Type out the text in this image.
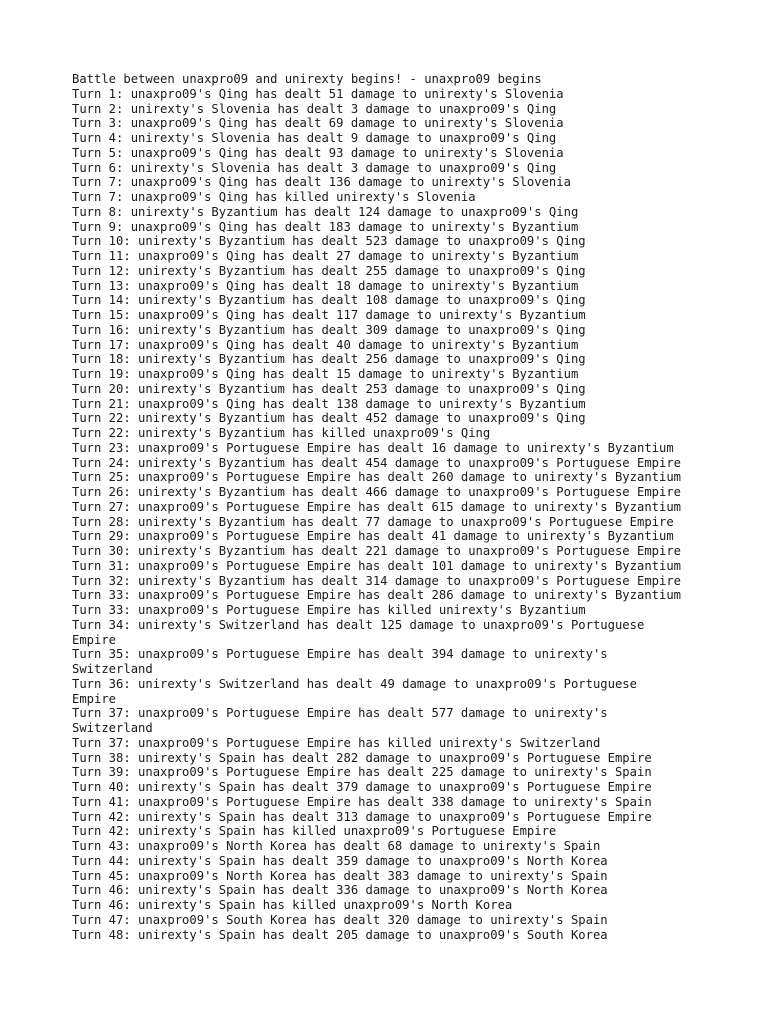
Battle between unaxpro09 and unirexty begins! - unaxpro09 begins
Turn 1: unaxpro09's Qing has dealt 51 damage to unirexty's Slovenia
Turn 2: unirexty's Slovenia has dealt 3 damage to unaxpro09's Qing
Turn 3: unaxpro09's Qing has dealt 69 damage to unirexty's Slovenia
Turn 4: unirexty's Slovenia has dealt 9 damage to unaxpro09's Qing
Turn 5: unaxpro09's Qing has dealt 93 damage to unirexty's Slovenia
Turn 6: unirexty's Slovenia has dealt 3 damage to unaxpro09's Qing
Turn 7: unaxpro09's Qing has dealt 136 damage to unirexty's Slovenia
Turn 7: unaxpro09's Qing has killed unirexty's Slovenia
Turn 8: unirexty's Byzantium has dealt 124 damage to unaxpro09's Qing
Turn 9: unaxpro09's Qing has dealt 183 damage to unirexty's Byzantium
Turn 10: unirexty's Byzantium has dealt 523 damage to unaxpro09's Qing
Turn 11: unaxpro09's Qing has dealt 27 damage to unirexty's Byzantium
Turn 12: unirexty's Byzantium has dealt 255 damage to unaxpro09's Qing
Turn 13: unaxpro09's Qing has dealt 18 damage to unirexty's Byzantium
Turn 14: unirexty's Byzantium has dealt 108 damage to unaxpro09's Qing
Turn 15: unaxpro09's Qing has dealt 117 damage to unirexty's Byzantium
Turn 16: unirexty's Byzantium has dealt 309 damage to unaxpro09's Qing
Turn 17: unaxpro09's Qing has dealt 40 damage to unirexty's Byzantium
Turn 18: unirexty's Byzantium has dealt 256 damage to unaxpro09's Qing
Turn 19: unaxpro09's Qing has dealt 15 damage to unirexty's Byzantium
Turn 20: unirexty's Byzantium has dealt 253 damage to unaxpro09's Qing
Turn 21: unaxpro09's Qing has dealt 138 damage to unirexty's Byzantium
Turn 22: unirexty's Byzantium has dealt 452 damage to unaxpro09's Qing
Turn 22: unirexty's Byzantium has killed unaxpro09's Qing
Turn 23: unaxpro09's Portuguese Empire has dealt 16 damage to unirexty's Byzantium
Turn 24: unirexty's Byzantium has dealt 454 damage to unaxpro09's Portuguese Empire
Turn 25: unaxpro09's Portuguese Empire has dealt 260 damage to unirexty's Byzantium
Turn 26: unirexty's Byzantium has dealt 466 damage to unaxpro09's Portuguese Empire
Turn 27: unaxpro09's Portuguese Empire has dealt 615 damage to unirexty's Byzantium
Turn 28: unirexty's Byzantium has dealt 77 damage to unaxpro09's Portuguese Empire
Turn 29: unaxpro09's Portuguese Empire has dealt 41 damage to unirexty's Byzantium
Turn 30: unirexty's Byzantium has dealt 221 damage to unaxpro09's Portuguese Empire
Turn 31: unaxpro09's Portuguese Empire has dealt 101 damage to unirexty's Byzantium
Turn 32: unirexty's Byzantium has dealt 314 damage to unaxpro09's Portuguese Empire
Turn 33: unaxpro09's Portuguese Empire has dealt 286 damage to unirexty's Byzantium
Turn 33: unaxpro09's Portuguese Empire has killed unirexty's Byzantium
Turn 34: unirexty's Switzerland has dealt 125 damage to unaxpro09's Portuguese
Empire
Turn 35: unaxpro09's Portuguese Empire has dealt 394 damage to unirexty's
Switzerland
Turn 36: unirexty's Switzerland has dealt 49 damage to unaxpro09's Portuguese
Empire
Turn 37: unaxpro09's Portuguese Empire has dealt 577 damage to unirexty's
Switzerland
Turn 37: unaxpro09's Portuguese Empire has killed unirexty's Switzerland
Turn 38: unirexty's Spain has dealt 282 damage to unaxpro09's Portuguese Empire
Turn 39: unaxpro09's Portuguese Empire has dealt 225 damage to unirexty's Spain
Turn 40: unirexty's Spain has dealt 379 damage to unaxpro09's Portuguese Empire
Turn 41: unaxpro09's Portuguese Empire has dealt 338 damage to unirexty's Spain
Turn 42: unirexty's Spain has dealt 313 damage to unaxpro09's Portuguese Empire
Turn 42: unirexty's Spain has killed unaxpro09's Portuguese Empire
Turn 43: unaxpro09's North Korea has dealt 68 damage to unirexty's Spain
Turn 44: unirexty's Spain has dealt 359 damage to unaxpro09's North Korea
Turn 45: unaxpro09's North Korea has dealt 383 damage to unirexty's Spain
Turn 46: unirexty's Spain has dealt 336 damage to unaxpro09's North Korea
Turn 46: unirexty's Spain has killed unaxpro09's North Korea
Turn 47: unaxpro09's South Korea has dealt 320 damage to unirexty's Spain
Turn 48: unirexty's Spain has dealt 205 damage to unaxpro09's South Korea
